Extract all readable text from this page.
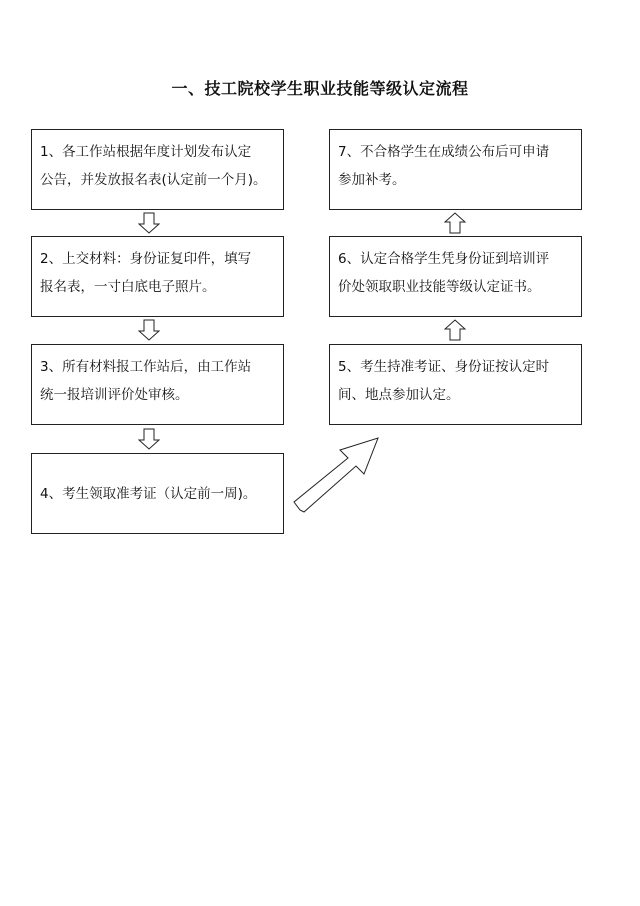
一、技工院校学生职业技能等级认定流程
1、各工作站根据年度计划发布认定
公告，并发放报名表(认定前一个月)。
2、上交材料：身份证复印件，填写
报名表，一寸白底电子照片。
3、所有材料报工作站后，由工作站
统一报培训评价处审核。
4、考生领取准考证（认定前一周)。
7、不合格学生在成绩公布后可申请
参加补考。
6、认定合格学生凭身份证到培训评
价处领取职业技能等级认定证书。
5、考生持准考证、身份证按认定时
间、地点参加认定。
